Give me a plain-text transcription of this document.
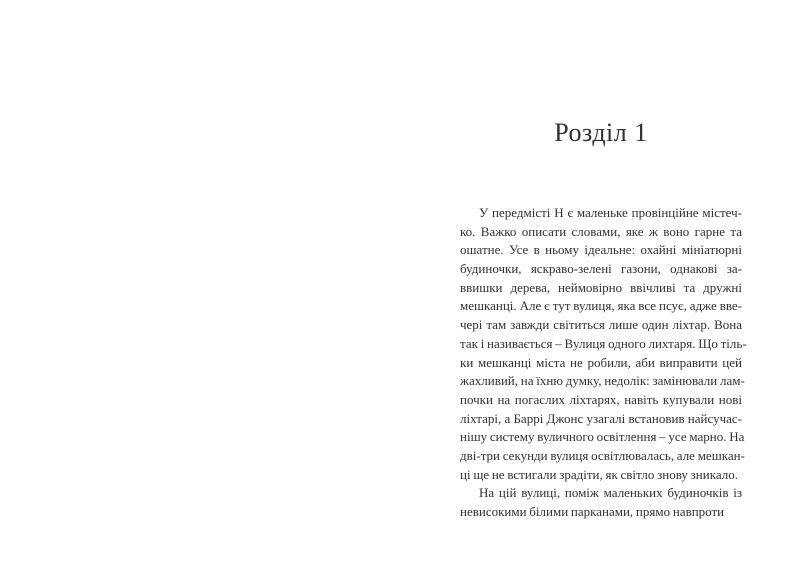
Розділ 1
У передмісті Н є маленьке провінційне містеч-
ко. Важко описати словами, яке ж воно гарне та
ошатне. Усе в ньому ідеальне: охайні мініатюрні
будиночки, яскраво-зелені газони, однакові за-
ввишки дерева, неймовірно ввічливі та дружні
мешканці. Але є тут вулиця, яка все псує, адже вве-
чері там завжди світиться лише один ліхтар. Вона
так і називається – Вулиця одного лихтаря. Що тіль-
ки мешканці міста не робили, аби виправити цей
жахливий, на їхню думку, недолік: замінювали лам-
почки на погаслих ліхтарях, навіть купували нові
ліхтарі, а Баррі Джонс узагалі встановив найсучас-
нішу систему вуличного освітлення – усе марно. На
дві-три секунди вулиця освітлювалась, але мешкан-
ці ще не встигали зрадіти, як світло знову зникало.
На цій вулиці, поміж маленьких будиночків із
невисокими білими парканами, прямо навпроти
